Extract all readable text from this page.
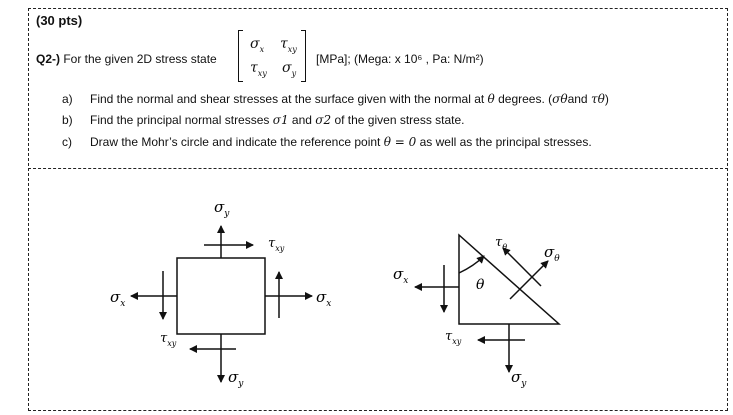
(30 pts)
Q2-) For the given 2D stress state
$\sigma_x$ $\tau_{xy}$
$\tau_{xy}$ $\sigma_y$
[MPa]; (Mega: x 10⁶ , Pa: N/m²)
a) Find the normal and shear stresses at the surface given with the normal at θ degrees. (σθand τθ)
b) Find the principal normal stresses σ1 and σ2 of the given stress state.
c) Draw the Mohr’s circle and indicate the reference point θ = 0 as well as the principal stresses.
$\sigma_y$
$\tau_{xy}$
$\sigma_x$	$\sigma_x$
$\tau_{xy}$
$\sigma_y$
$\tau_\theta$ $\sigma_\theta$
$\sigma_x$	θ
$\tau_{xy}$
$\sigma_y$
